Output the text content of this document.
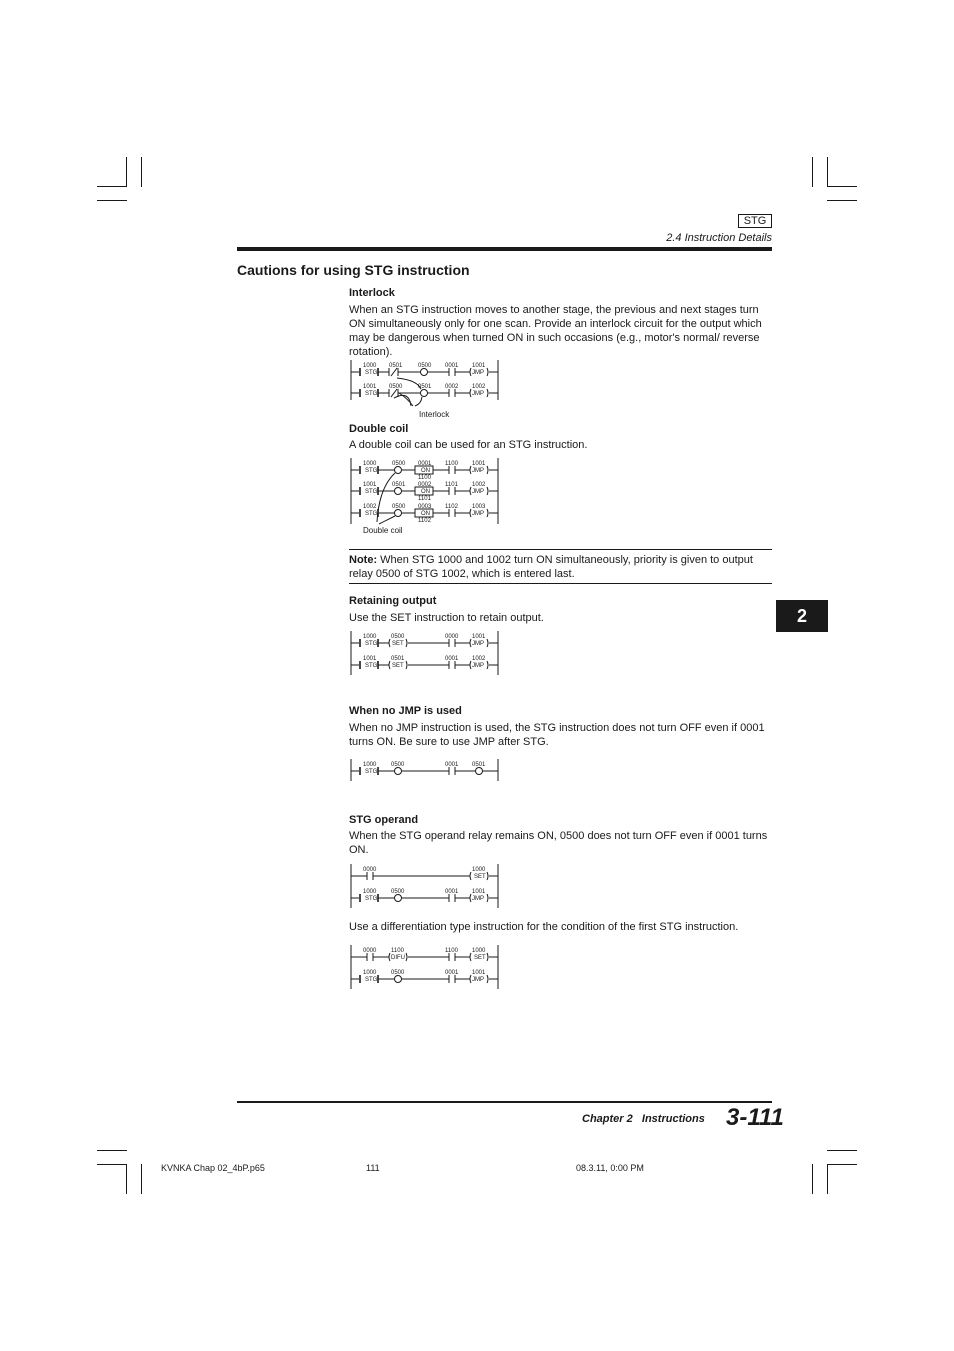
STG
2.4 Instruction Details
Cautions for using STG instruction
Interlock
When an STG instruction moves to another stage, the previous and next stages turn ON simultaneously only for one scan. Provide an interlock circuit for the output which may be dangerous when turned ON in such occasions (e.g., motor's normal/ reverse rotation).
1000
STG
0501	0500 0001 1001
JMP
1001
STG
0500	0501 0002 1002
JMP
Interlock
Double coil
A double coil can be used for an STG instruction.
1000
STG
0500 0001
ON
1100
1100 1001
JMP
1001
STG
0501 0002
ON
1101
1101 1002
JMP
1002
STG
0500 0003
ON
1102
1102 1003
JMP
Double coil
Note: When STG 1000 and 1002 turn ON simultaneously, priority is given to output relay 0500 of STG 1002, which is entered last.
2
Retaining output
Use the SET instruction to retain output.
1000
STG
0500
SET
0000 1001
JMP
1001
STG
0501
SET
0001 1002
JMP
When no JMP is used
When no JMP instruction is used, the STG instruction does not turn OFF even if 0001 turns ON. Be sure to use JMP after STG.
1000
STG
0500	0001 0501
STG operand
When the STG operand relay remains ON, 0500 does not turn OFF even if 0001 turns ON.
0000	1000
SET
1000
STG
0500	0001 1001
JMP
Use a differentiation type instruction for the condition of the first STG instruction.
0000 1100
DIFU
1100 1000
SET
1000
STG
0500	0001 1001
JMP
Chapter 2   Instructions 3-111
KVNKA Chap 02_4bP.p65	111	08.3.11, 0:00 PM
